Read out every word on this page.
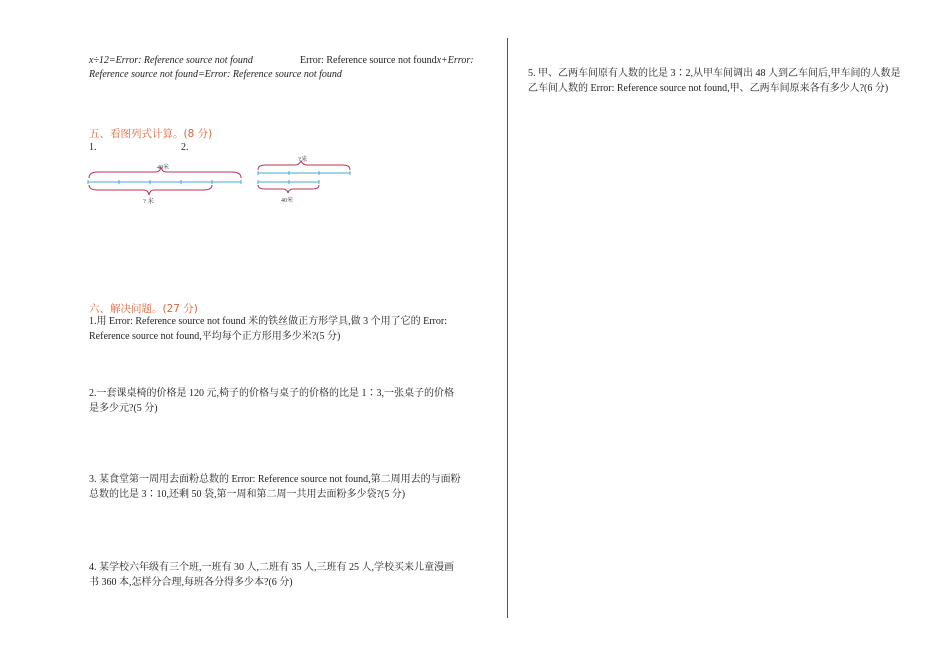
x÷12=Error: Reference source not found	Error: Reference source not foundx+Error:
Reference source not found=Error: Reference source not found
五、看图列式计算。(8 分)
1.	2.
40米
? 米
?米
40米
六、解决问题。(27 分)
1.用 Error: Reference source not found 米的铁丝做正方形学具,做 3 个用了它的 Error:
Reference source not found,平均每个正方形用多少米?(5 分)
2.一套课桌椅的价格是 120 元,椅子的价格与桌子的价格的比是 1∶3,一张桌子的价格
是多少元?(5 分)
3. 某食堂第一周用去面粉总数的 Error: Reference source not found,第二周用去的与面粉
总数的比是 3∶10,还剩 50 袋,第一周和第二周一共用去面粉多少袋?(5 分)
4. 某学校六年级有三个班,一班有 30 人,二班有 35 人,三班有 25 人,学校买来儿童漫画
书 360 本,怎样分合理,每班各分得多少本?(6 分)
5. 甲、乙两车间原有人数的比是 3∶2,从甲车间调出 48 人到乙车间后,甲车间的人数是
乙车间人数的 Error: Reference source not found,甲、乙两车间原来各有多少人?(6 分)
